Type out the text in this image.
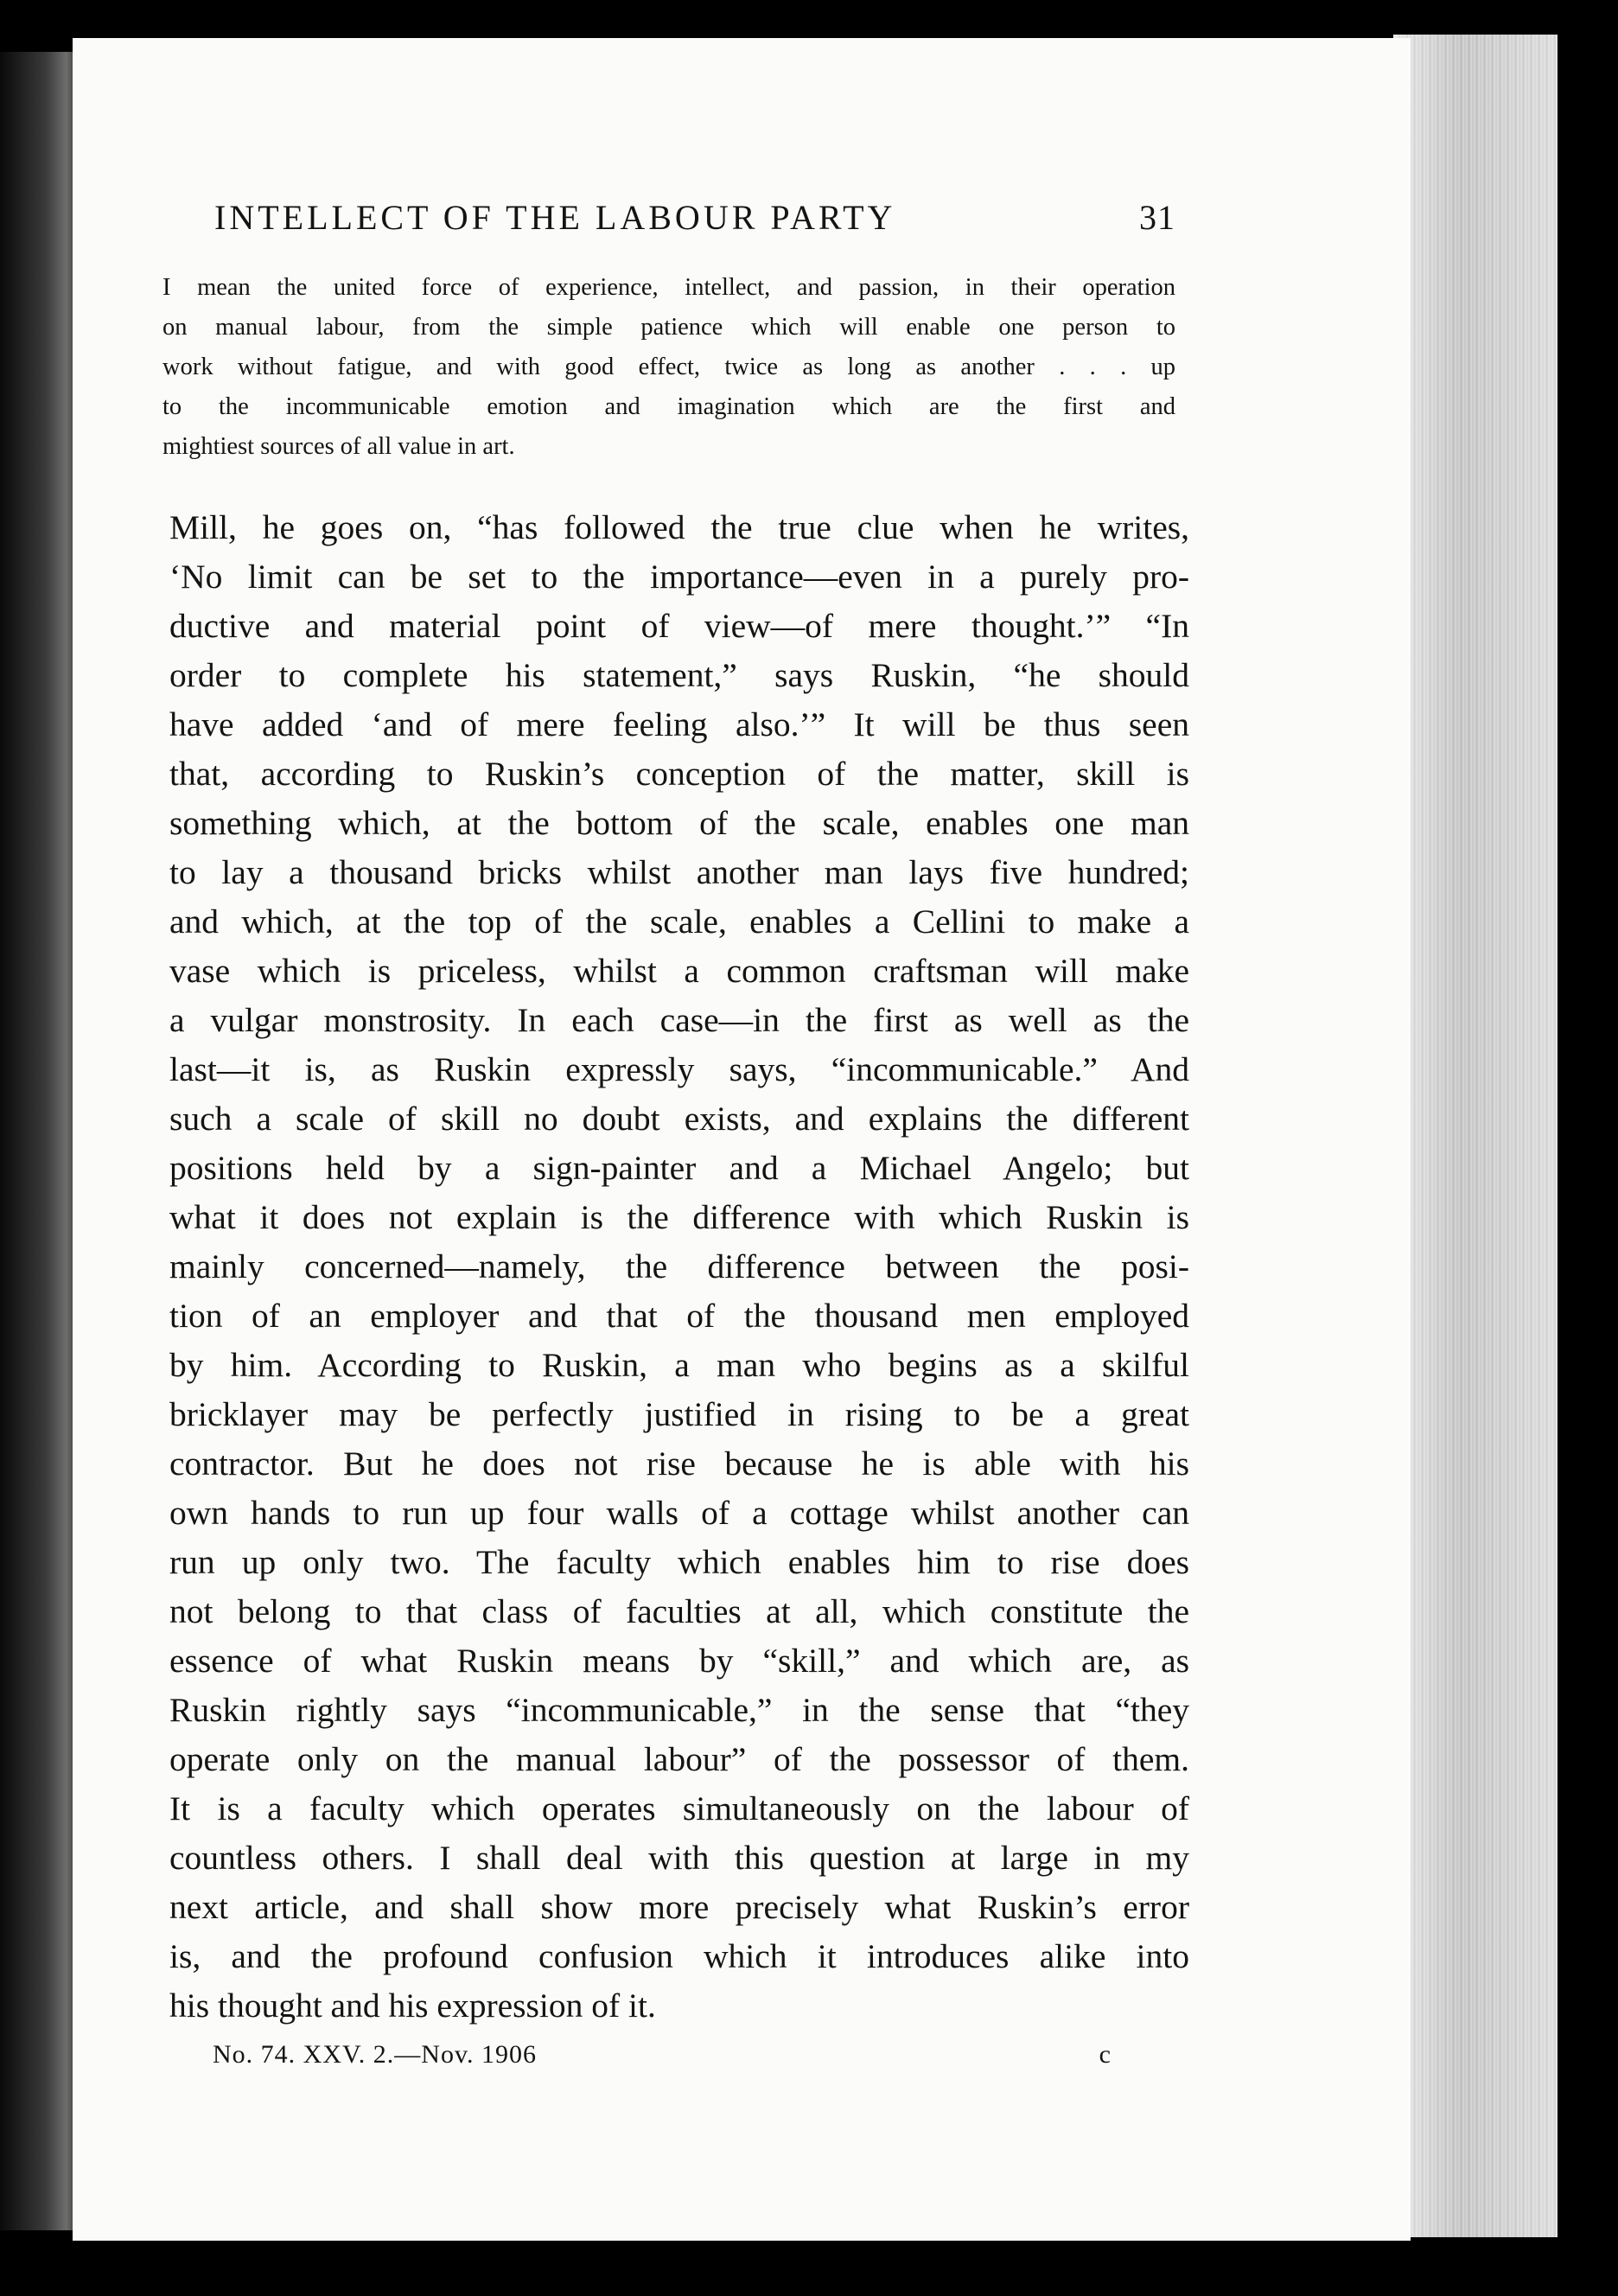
INTELLECT OF THE LABOUR PARTY	31
I mean the united force of experience, intellect, and passion, in their operation
on manual labour, from the simple patience which will enable one person to
work without fatigue, and with good effect, twice as long as another . . . up
to the incommunicable emotion and imagination which are the first and
mightiest sources of all value in art.
Mill, he goes on, “has followed the true clue when he writes,
‘No limit can be set to the importance—even in a purely pro-
ductive and material point of view—of mere thought.’” “In
order to complete his statement,” says Ruskin, “he should
have added ‘and of mere feeling also.’” It will be thus seen
that, according to Ruskin’s conception of the matter, skill is
something which, at the bottom of the scale, enables one man
to lay a thousand bricks whilst another man lays five hundred;
and which, at the top of the scale, enables a Cellini to make a
vase which is priceless, whilst a common craftsman will make
a vulgar monstrosity. In each case—in the first as well as the
last—it is, as Ruskin expressly says, “incommunicable.” And
such a scale of skill no doubt exists, and explains the different
positions held by a sign-painter and a Michael Angelo; but
what it does not explain is the difference with which Ruskin is
mainly concerned—namely, the difference between the posi-
tion of an employer and that of the thousand men employed
by him. According to Ruskin, a man who begins as a skilful
bricklayer may be perfectly justified in rising to be a great
contractor. But he does not rise because he is able with his
own hands to run up four walls of a cottage whilst another can
run up only two. The faculty which enables him to rise does
not belong to that class of faculties at all, which constitute the
essence of what Ruskin means by “skill,” and which are, as
Ruskin rightly says “incommunicable,” in the sense that “they
operate only on the manual labour” of the possessor of them.
It is a faculty which operates simultaneously on the labour of
countless others. I shall deal with this question at large in my
next article, and shall show more precisely what Ruskin’s error
is, and the profound confusion which it introduces alike into
his thought and his expression of it.
No. 74. XXV. 2.—Nov. 1906	c
